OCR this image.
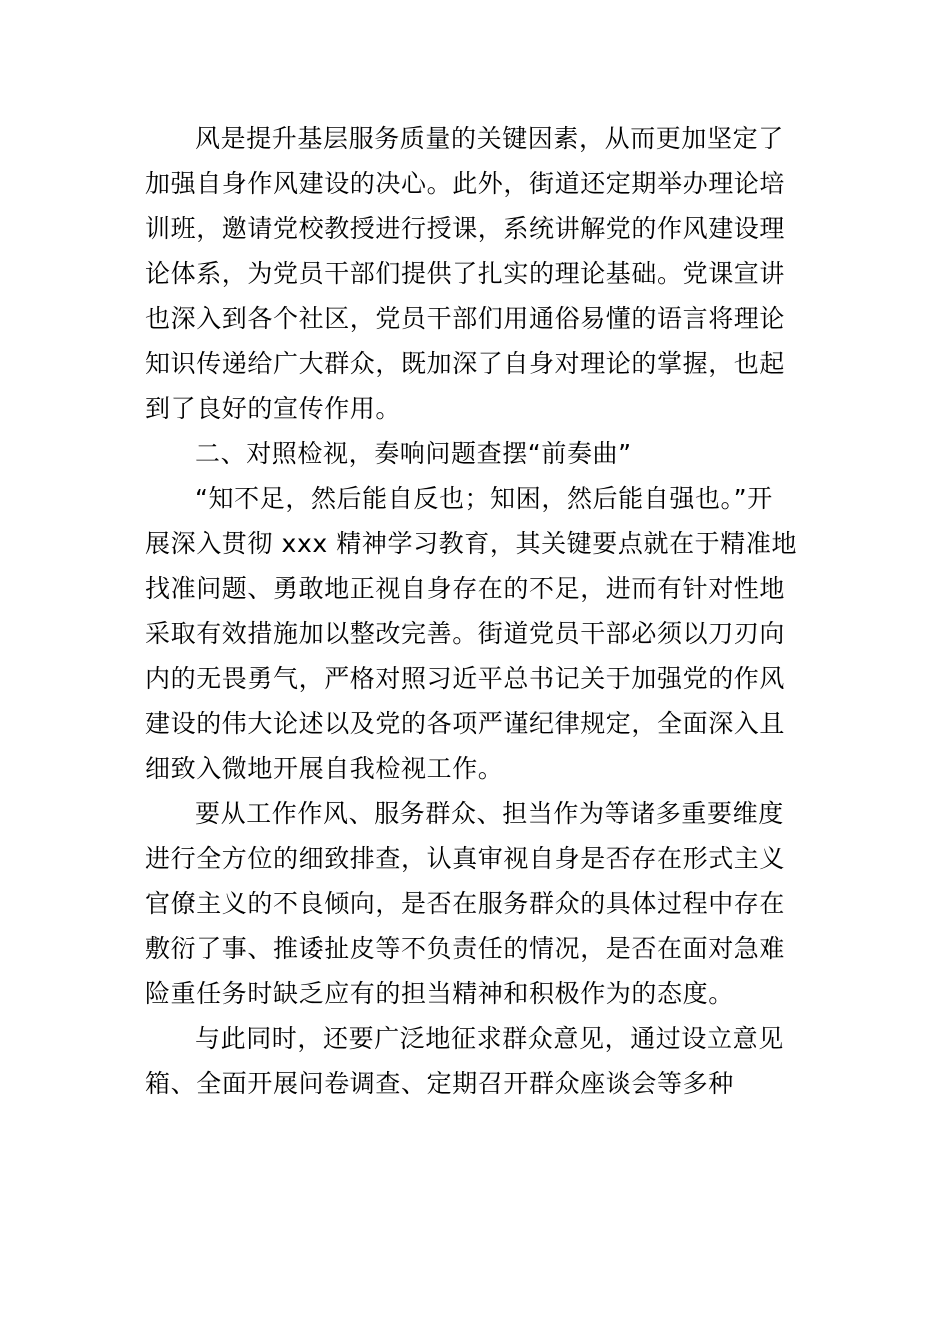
风是提升基层服务质量的关键因素，从而更加坚定了
加强自身作风建设的决心。此外，街道还定期举办理论培
训班，邀请党校教授进行授课，系统讲解党的作风建设理
论体系，为党员干部们提供了扎实的理论基础。党课宣讲
也深入到各个社区，党员干部们用通俗易懂的语言将理论
知识传递给广大群众，既加深了自身对理论的掌握，也起
到了良好的宣传作用。
二、对照检视，奏响问题查摆“前奏曲”
“知不足，然后能自反也；知困，然后能自强也。”开
展深入贯彻 xxx 精神学习教育，其关键要点就在于精准地
找准问题、勇敢地正视自身存在的不足，进而有针对性地
采取有效措施加以整改完善。街道党员干部必须以刀刃向
内的无畏勇气，严格对照习近平总书记关于加强党的作风
建设的伟大论述以及党的各项严谨纪律规定，全面深入且
细致入微地开展自我检视工作。
要从工作作风、服务群众、担当作为等诸多重要维度
进行全方位的细致排查，认真审视自身是否存在形式主义
官僚主义的不良倾向，是否在服务群众的具体过程中存在
敷衍了事、推诿扯皮等不负责任的情况，是否在面对急难
险重任务时缺乏应有的担当精神和积极作为的态度。
与此同时，还要广泛地征求群众意见，通过设立意见
箱、全面开展问卷调查、定期召开群众座谈会等多种
